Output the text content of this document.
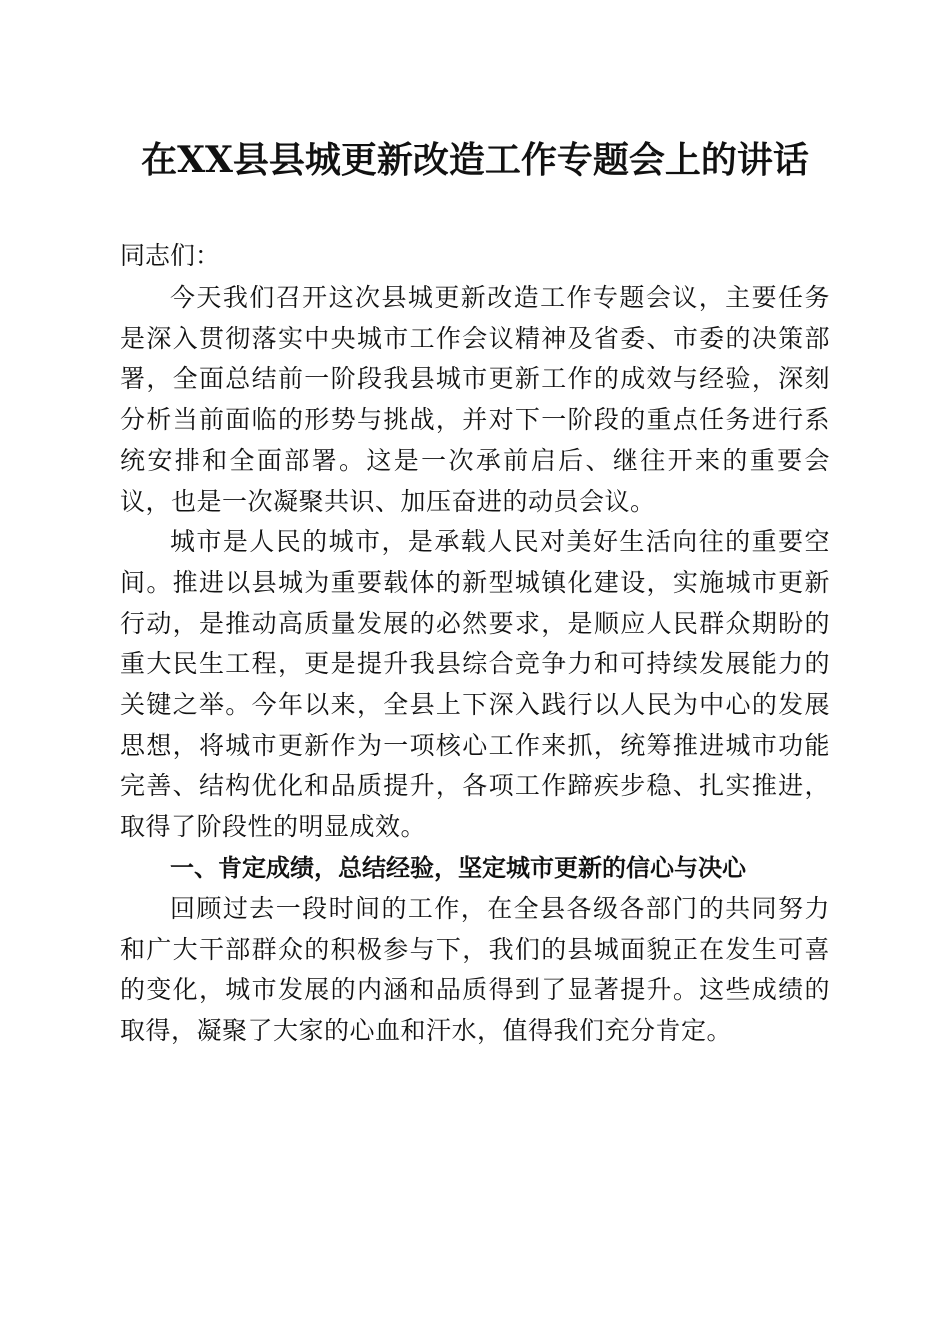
在XX县县城更新改造工作专题会上的讲话

同志们：

今天我们召开这次县城更新改造工作专题会议，主要任务是深入贯彻落实中央城市工作会议精神及省委、市委的决策部署，全面总结前一阶段我县城市更新工作的成效与经验，深刻分析当前面临的形势与挑战，并对下一阶段的重点任务进行系统安排和全面部署。这是一次承前启后、继往开来的重要会议，也是一次凝聚共识、加压奋进的动员会议。

城市是人民的城市，是承载人民对美好生活向往的重要空间。推进以县城为重要载体的新型城镇化建设，实施城市更新行动，是推动高质量发展的必然要求，是顺应人民群众期盼的重大民生工程，更是提升我县综合竞争力和可持续发展能力的关键之举。今年以来，全县上下深入践行以人民为中心的发展思想，将城市更新作为一项核心工作来抓，统筹推进城市功能完善、结构优化和品质提升，各项工作蹄疾步稳、扎实推进，取得了阶段性的明显成效。

一、肯定成绩，总结经验，坚定城市更新的信心与决心

回顾过去一段时间的工作，在全县各级各部门的共同努力和广大干部群众的积极参与下，我们的县城面貌正在发生可喜的变化，城市发展的内涵和品质得到了显著提升。这些成绩的取得，凝聚了大家的心血和汗水，值得我们充分肯定。
